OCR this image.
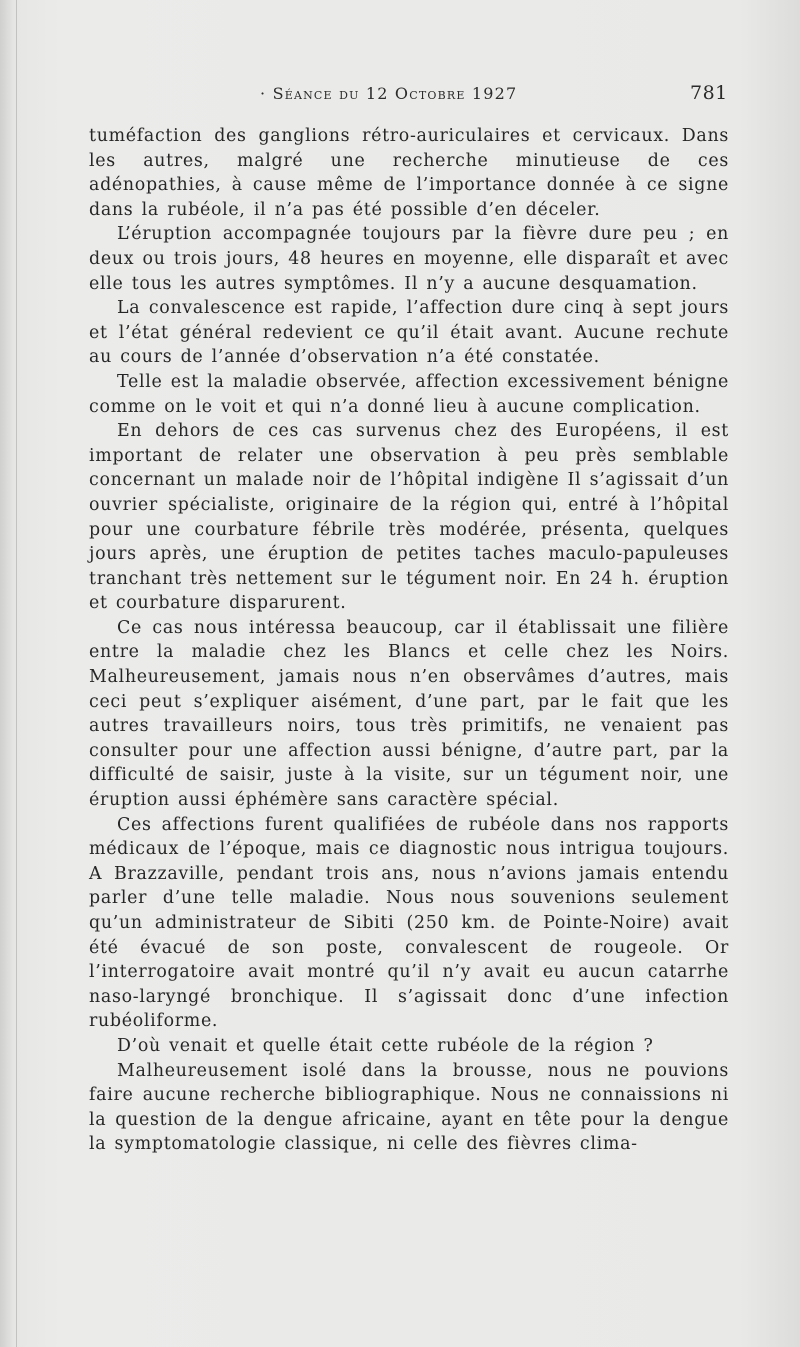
· Séance du 12 Octobre 1927	781

tuméfaction des ganglions rétro-auriculaires et cervicaux. Dans les autres, malgré une recherche minutieuse de ces adénopathies, à cause même de l’importance donnée à ce signe dans la rubéole, il n’a pas été possible d’en déceler.

L’éruption accompagnée toujours par la fièvre dure peu ; en deux ou trois jours, 48 heures en moyenne, elle disparaît et avec elle tous les autres symptômes. Il n’y a aucune desquamation.

La convalescence est rapide, l’affection dure cinq à sept jours et l’état général redevient ce qu’il était avant. Aucune rechute au cours de l’année d’observation n’a été constatée.

Telle est la maladie observée, affection excessivement bénigne comme on le voit et qui n’a donné lieu à aucune complication.

En dehors de ces cas survenus chez des Européens, il est important de relater une observation à peu près semblable concernant un malade noir de l’hôpital indigène Il s’agissait d’un ouvrier spécialiste, originaire de la région qui, entré à l’hôpital pour une courbature fébrile très modérée, présenta, quelques jours après, une éruption de petites taches maculo-papuleuses tranchant très nettement sur le tégument noir. En 24 h. éruption et courbature disparurent.

Ce cas nous intéressa beaucoup, car il établissait une filière entre la maladie chez les Blancs et celle chez les Noirs. Malheureusement, jamais nous n’en observâmes d’autres, mais ceci peut s’expliquer aisément, d’une part, par le fait que les autres travailleurs noirs, tous très primitifs, ne venaient pas consulter pour une affection aussi bénigne, d’autre part, par la difficulté de saisir, juste à la visite, sur un tégument noir, une éruption aussi éphémère sans caractère spécial.

Ces affections furent qualifiées de rubéole dans nos rapports médicaux de l’époque, mais ce diagnostic nous intrigua toujours. A Brazzaville, pendant trois ans, nous n’avions jamais entendu parler d’une telle maladie. Nous nous souvenions seulement qu’un administrateur de Sibiti (250 km. de Pointe-Noire) avait été évacué de son poste, convalescent de rougeole. Or l’interrogatoire avait montré qu’il n’y avait eu aucun catarrhe naso-laryngé bronchique. Il s’agissait donc d’une infection rubéoliforme.

D’où venait et quelle était cette rubéole de la région ?

Malheureusement isolé dans la brousse, nous ne pouvions faire aucune recherche bibliographique. Nous ne connaissions ni la question de la dengue africaine, ayant en tête pour la dengue la symptomatologie classique, ni celle des fièvres clima-
